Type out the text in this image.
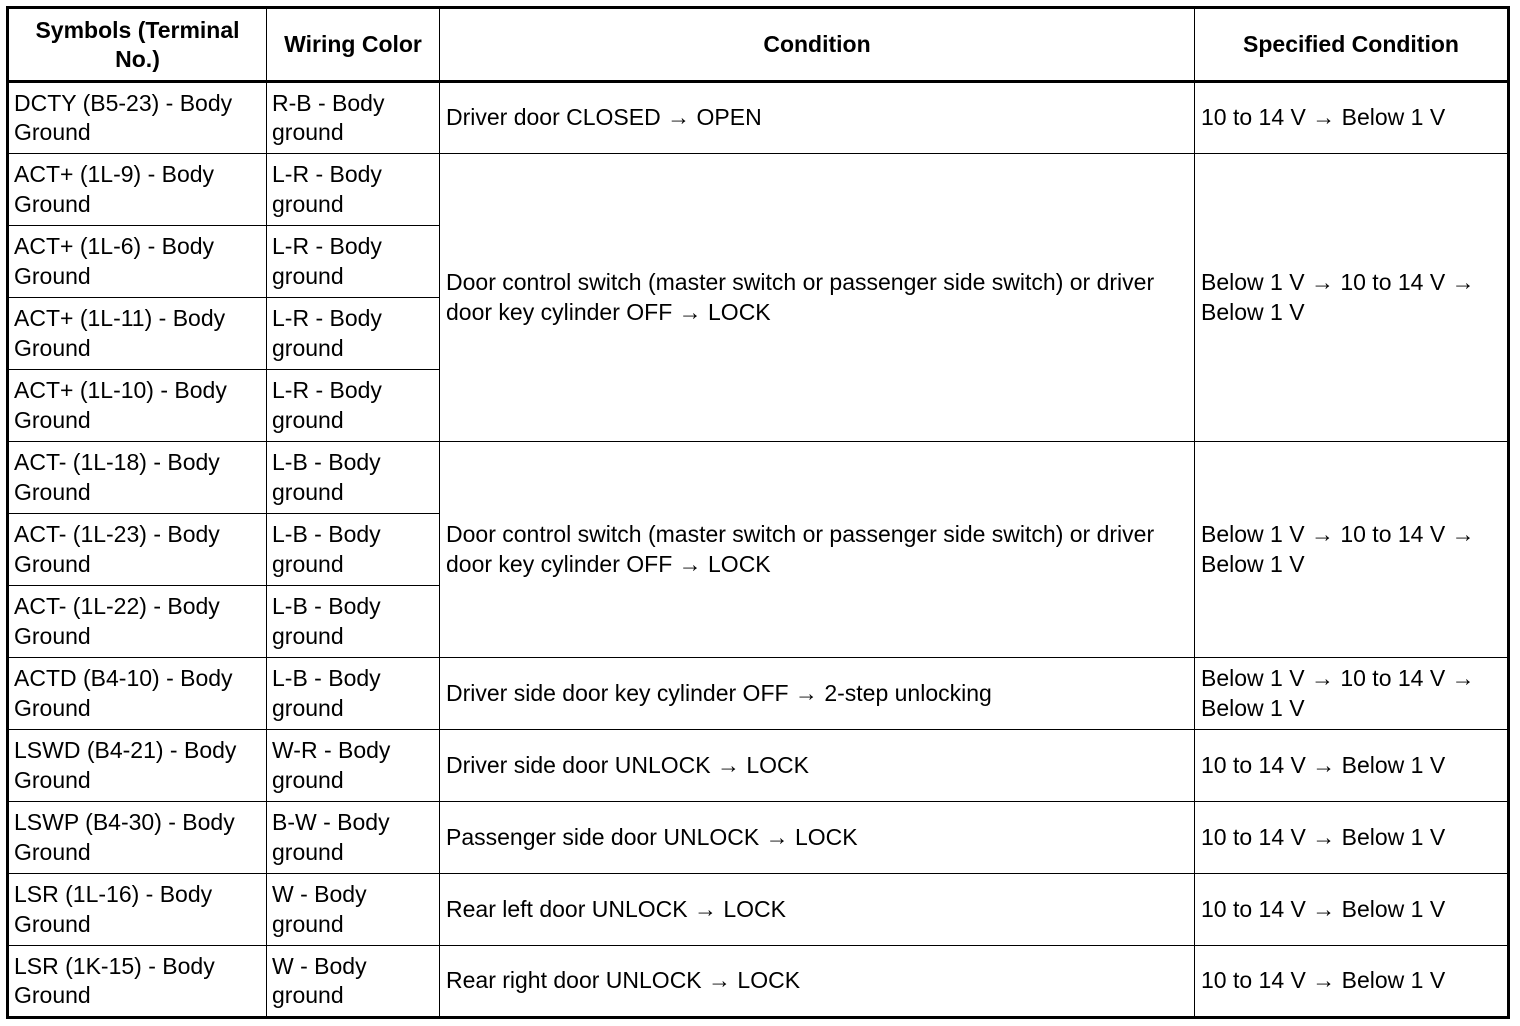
Symbols (Terminal No.)	Wiring Color	Condition	Specified Condition
DCTY (B5-23) - Body Ground	R-B - Body ground	Driver door CLOSED → OPEN	10 to 14 V → Below 1 V
ACT+ (1L-9) - Body Ground	L-R - Body ground	Door control switch (master switch or passenger side switch) or driver door key cylinder OFF → LOCK	Below 1 V → 10 to 14 V → Below 1 V
ACT+ (1L-6) - Body Ground	L-R - Body ground		
ACT+ (1L-11) - Body Ground	L-R - Body ground		
ACT+ (1L-10) - Body Ground	L-R - Body ground		
ACT- (1L-18) - Body Ground	L-B - Body ground	Door control switch (master switch or passenger side switch) or driver door key cylinder OFF → LOCK	Below 1 V → 10 to 14 V → Below 1 V
ACT- (1L-23) - Body Ground	L-B - Body ground		
ACT- (1L-22) - Body Ground	L-B - Body ground		
ACTD (B4-10) - Body Ground	L-B - Body ground	Driver side door key cylinder OFF → 2-step unlocking	Below 1 V → 10 to 14 V → Below 1 V
LSWD (B4-21) - Body Ground	W-R - Body ground	Driver side door UNLOCK → LOCK	10 to 14 V → Below 1 V
LSWP (B4-30) - Body Ground	B-W - Body ground	Passenger side door UNLOCK → LOCK	10 to 14 V → Below 1 V
LSR (1L-16) - Body Ground	W - Body ground	Rear left door UNLOCK → LOCK	10 to 14 V → Below 1 V
LSR (1K-15) - Body Ground	W - Body ground	Rear right door UNLOCK → LOCK	10 to 14 V → Below 1 V
